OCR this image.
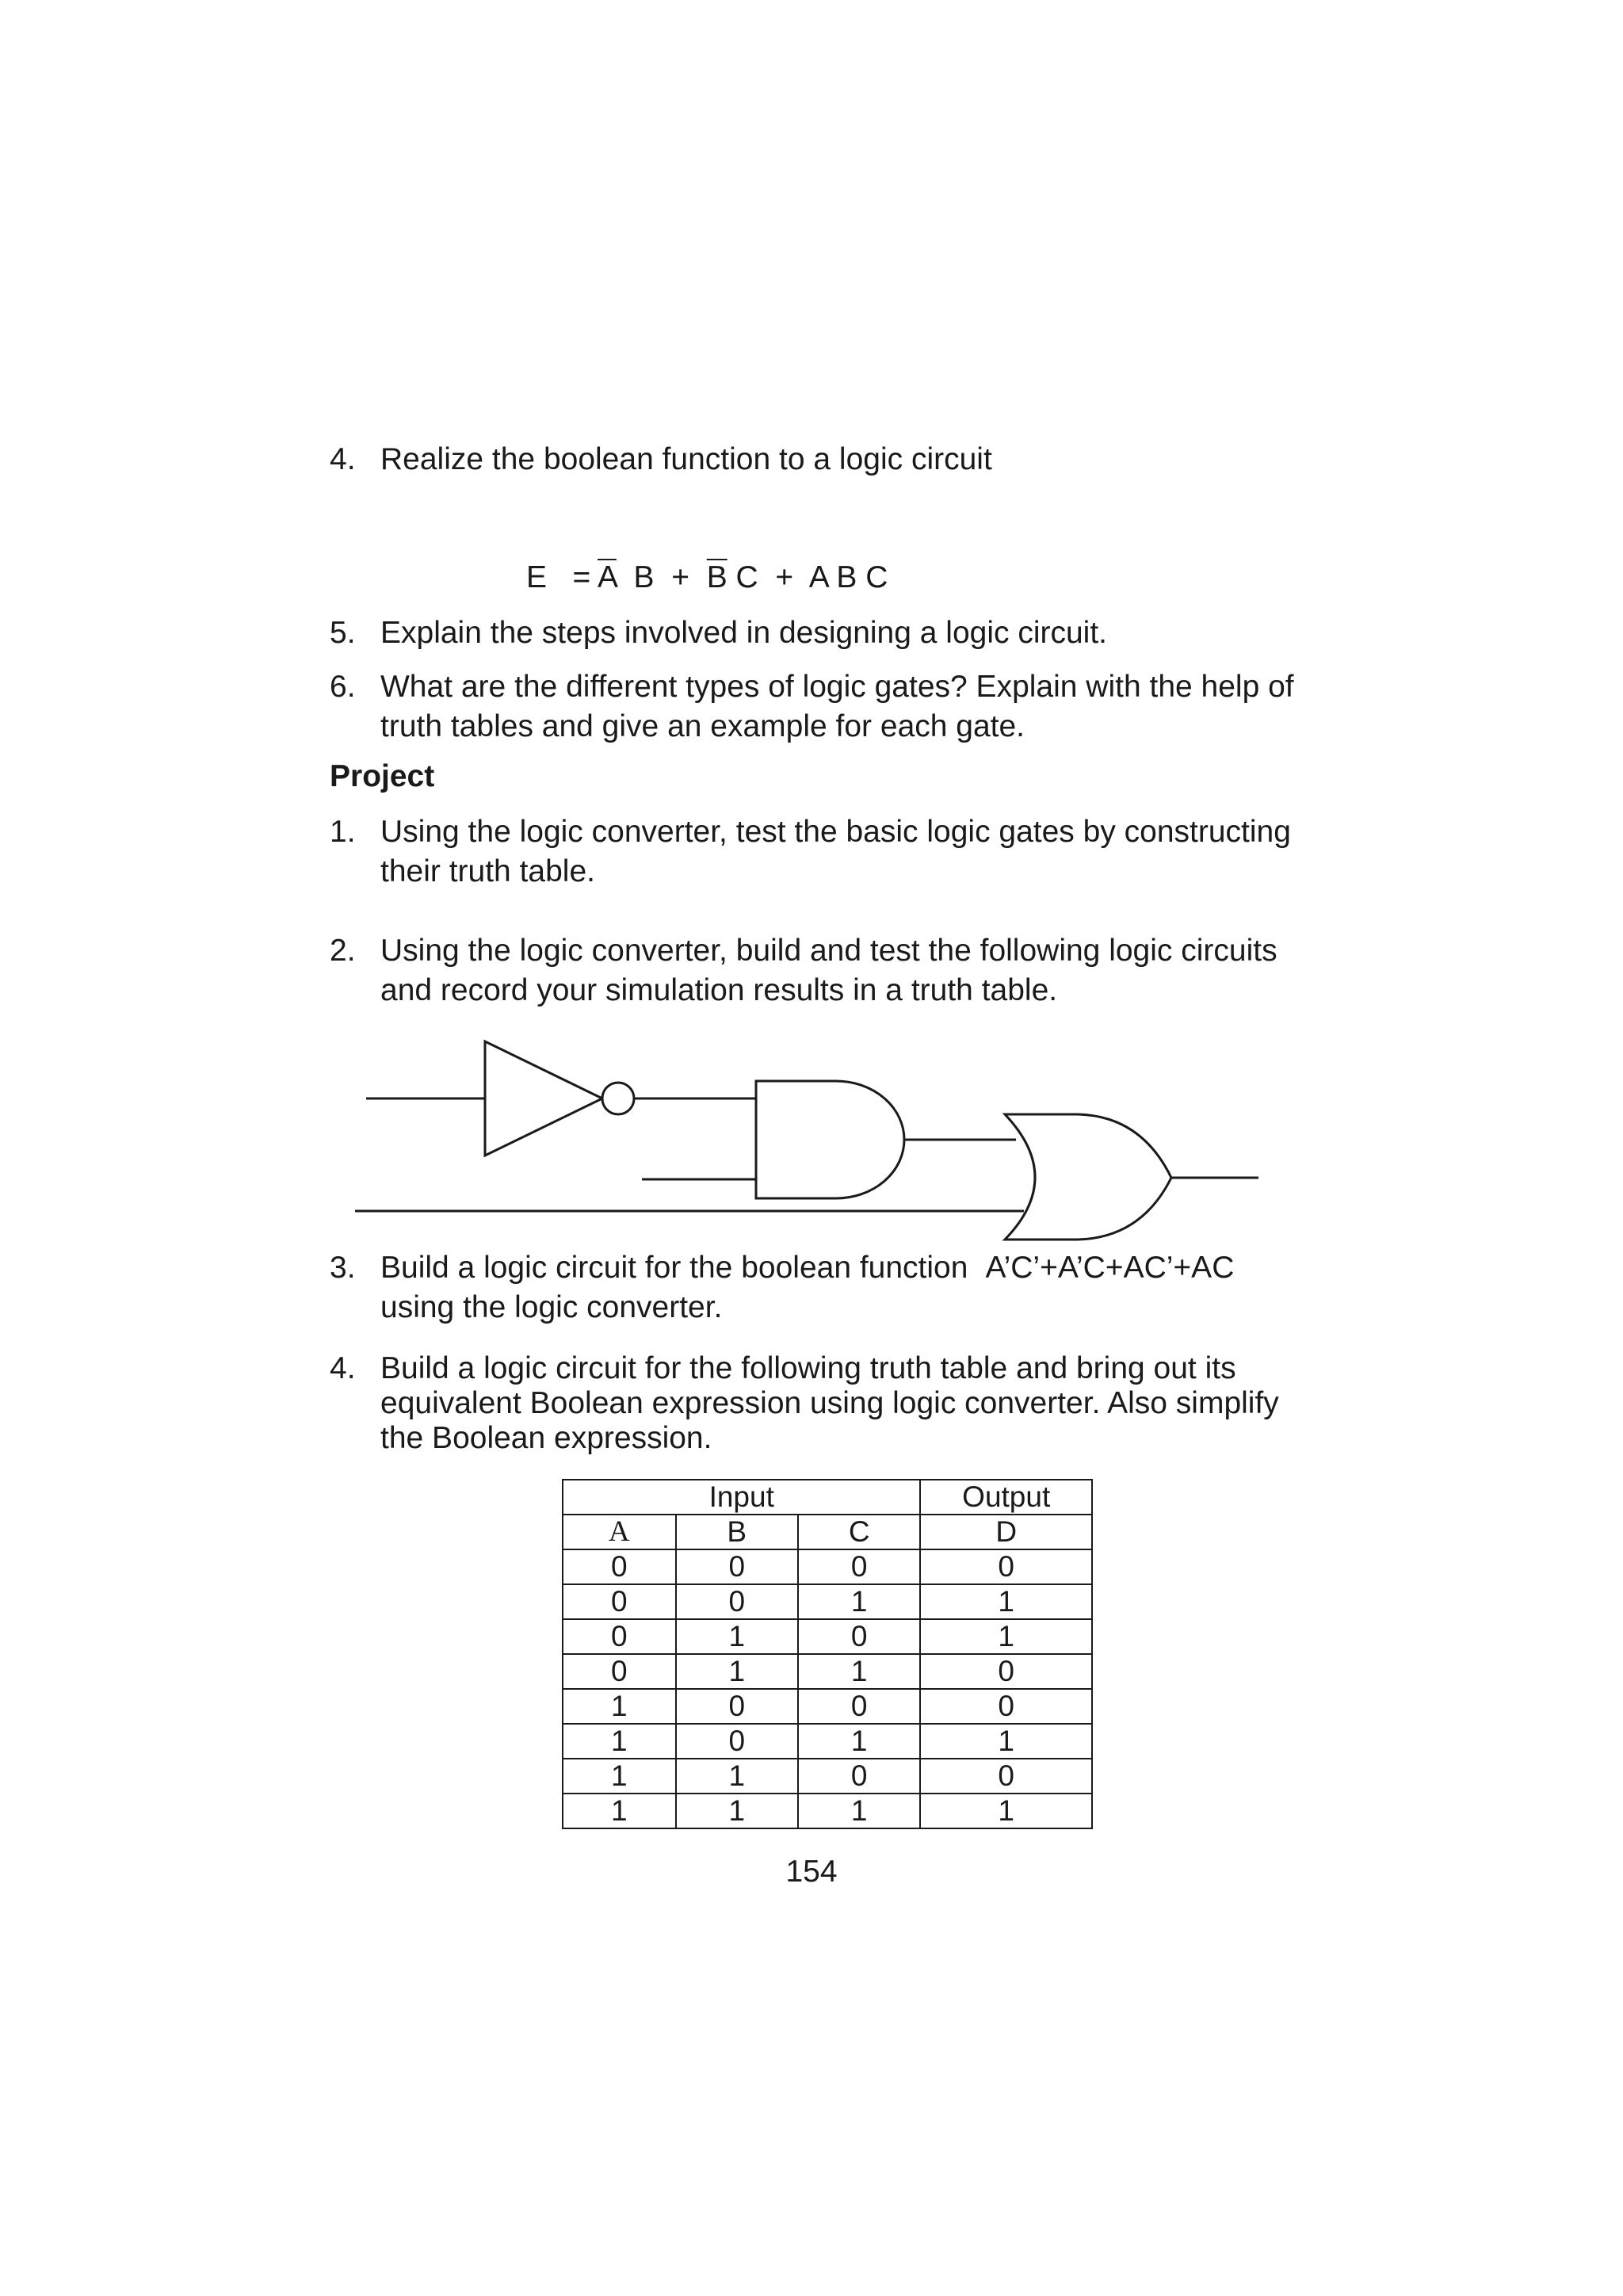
4. Realize the boolean function to a logic circuit
$E = \overline{A}$ $B + \overline{B}$ C + A B C
5. Explain the steps involved in designing a logic circuit.
6. What are the different types of logic gates? Explain with the help of truth tables and give an example for each gate.
Project
1. Using the logic converter, test the basic logic gates by constructing their truth table.
2. Using the logic converter, build and test the following logic circuits and record your simulation results in a truth table.
3. Build a logic circuit for the boolean function A’C’+A’C+AC’+AC
using the logic converter.
4. Build a logic circuit for the following truth table and bring out its equivalent Boolean expression using logic converter. Also simplify the Boolean expression.
Input			Output
A	B	C	D
0	0	0	0
0	0	1	1
0	1	0	1
0	1	1	0
1	0	0	0
1	0	1	1
1	1	0	0
1	1	1	1
154
